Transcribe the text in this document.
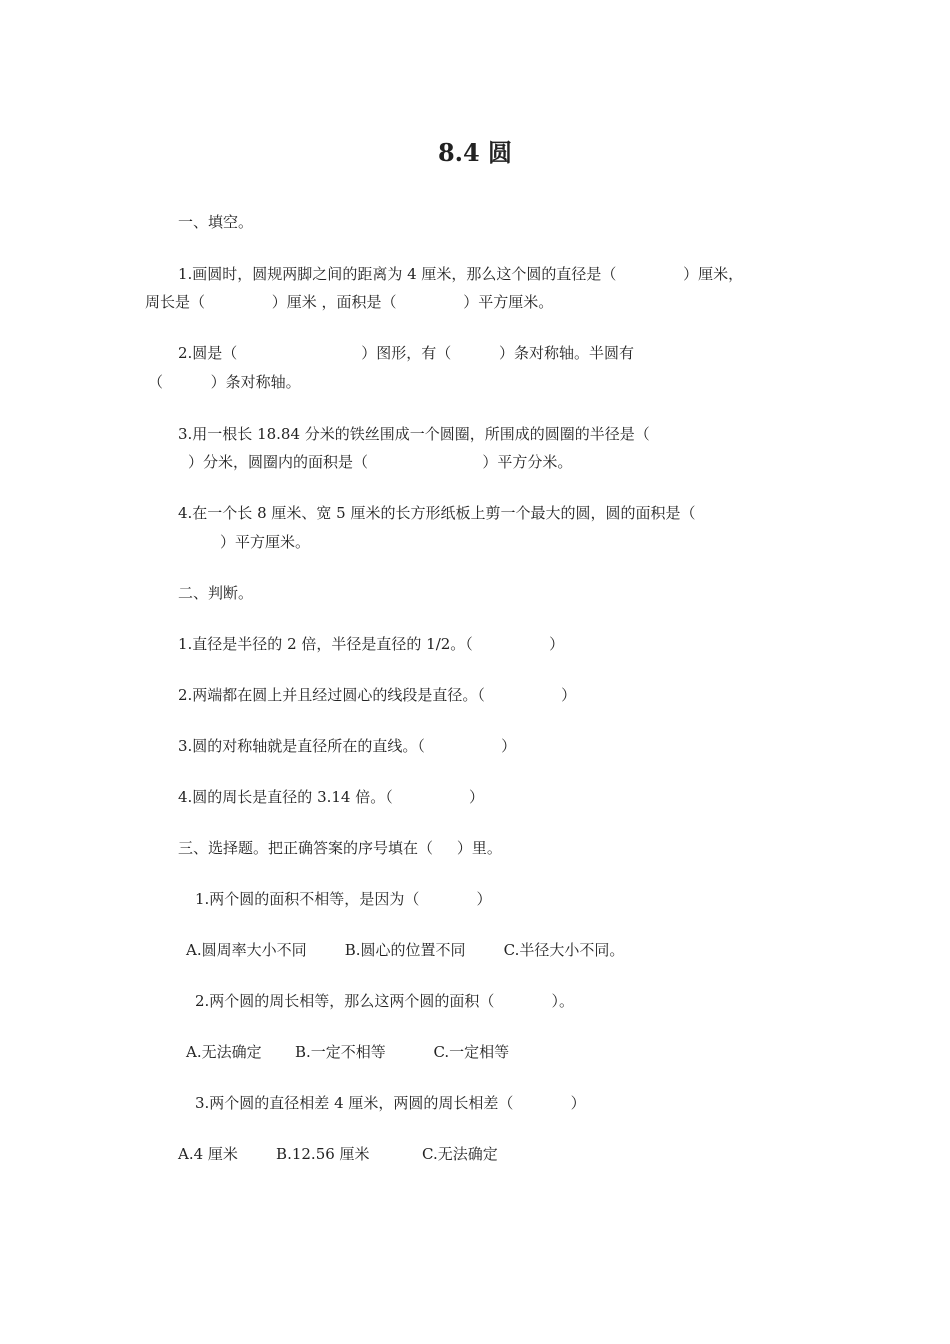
8.4 圆
一、填空。
1.画圆时，圆规两脚之间的距离为 4 厘米，那么这个圆的直径是（              ）厘米，
周长是（              ）厘米 ，面积是（              ）平方厘米。
2.圆是（                          ）图形，有（          ）条对称轴。半圆有
（          ）条对称轴。
3.用一根长 18.84 分米的铁丝围成一个圆圈，所围成的圆圈的半径是（
）分米，圆圈内的面积是（                        ）平方分米。
4.在一个长 8 厘米、宽 5 厘米的长方形纸板上剪一个最大的圆，圆的面积是（
）平方厘米。
二、判断。
1.直径是半径的 2 倍，半径是直径的 1/2。（                ）
2.两端都在圆上并且经过圆心的线段是直径。（                ）
3.圆的对称轴就是直径所在的直线。（                ）
4.圆的周长是直径的 3.14 倍。（                ）
三、选择题。把正确答案的序号填在（     ）里。
1.两个圆的面积不相等，是因为（            ）
A.圆周率大小不同        B.圆心的位置不同        C.半径大小不同。
2.两个圆的周长相等，那么这两个圆的面积（            ）。
A.无法确定       B.一定不相等          C.一定相等
3.两个圆的直径相差 4 厘米，两圆的周长相差（            ）
A.4 厘米        B.12.56 厘米           C.无法确定
